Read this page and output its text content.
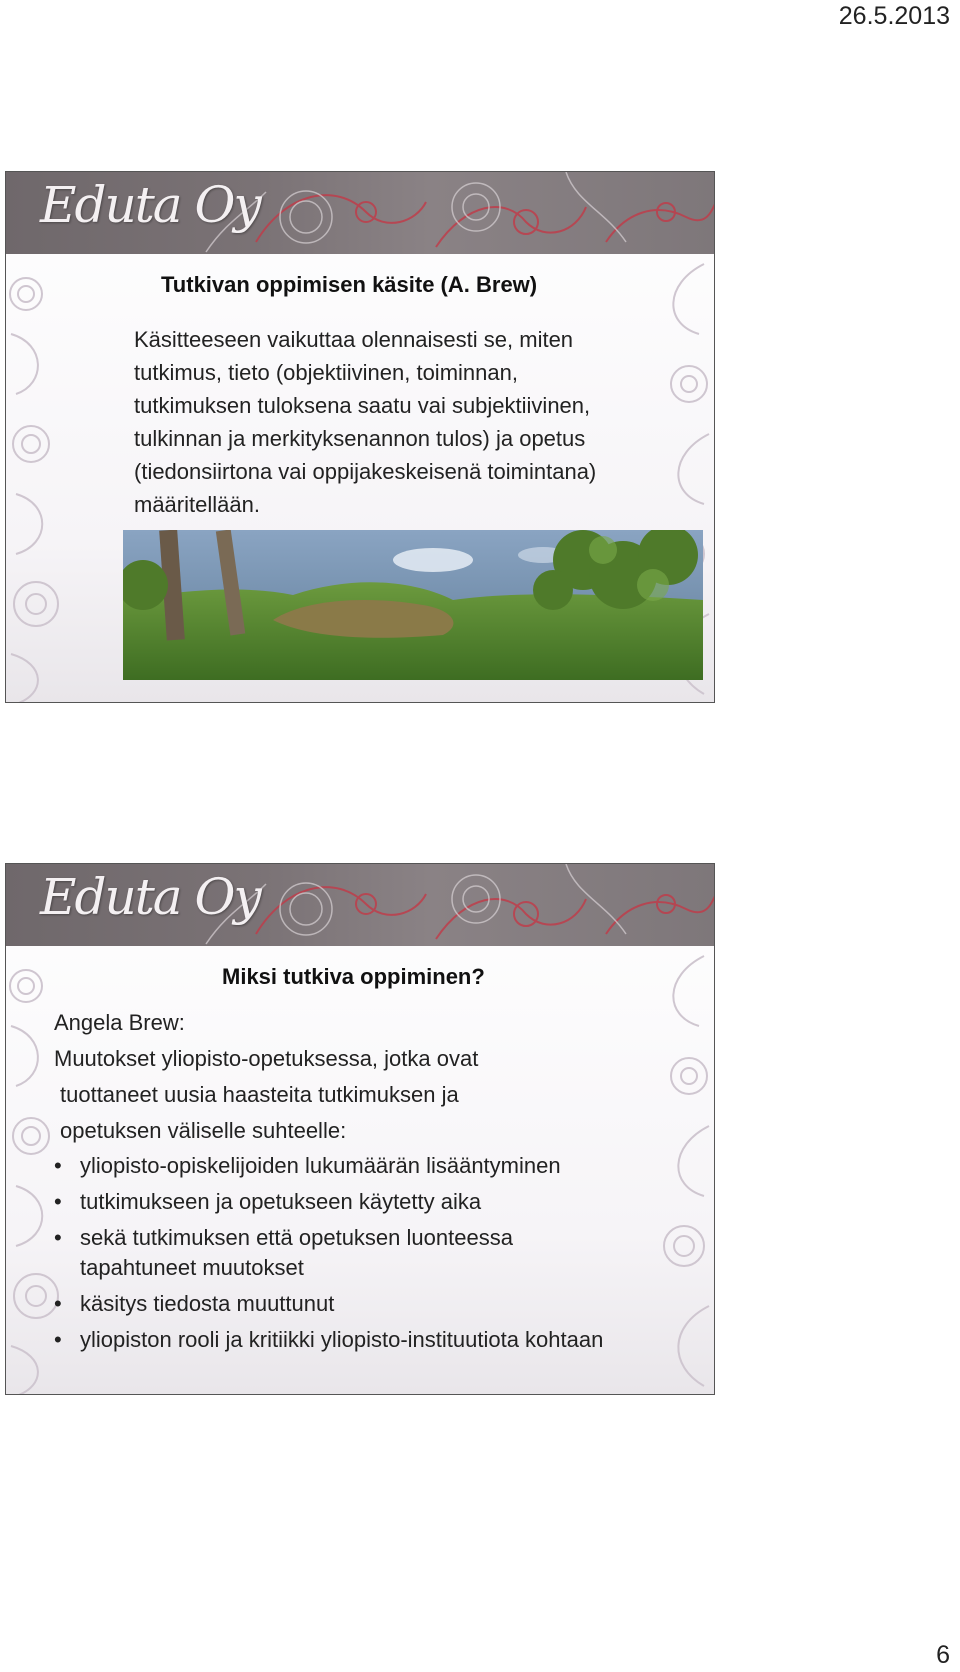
26.5.2013
Eduta Oy
Tutkivan oppimisen käsite (A. Brew)
Käsitteeseen vaikuttaa olennaisesti se, miten
tutkimus, tieto (objektiivinen, toiminnan,
tutkimuksen tuloksena saatu vai subjektiivinen,
tulkinnan ja merkityksenannon tulos) ja opetus
(tiedonsiirtona vai oppijakeskeisenä toimintana)
määritellään.
Eduta Oy
Miksi tutkiva oppiminen?
Angela Brew:
Muutokset yliopisto-opetuksessa, jotka ovat
tuottaneet uusia haasteita tutkimuksen ja
opetuksen väliselle suhteelle:
• yliopisto-opiskelijoiden lukumäärän lisääntyminen
• tutkimukseen ja opetukseen käytetty aika
• sekä tutkimuksen että opetuksen luonteessa tapahtuneet muutokset
• käsitys tiedosta muuttunut
• yliopiston rooli ja kritiikki yliopisto-instituutiota kohtaan
6
